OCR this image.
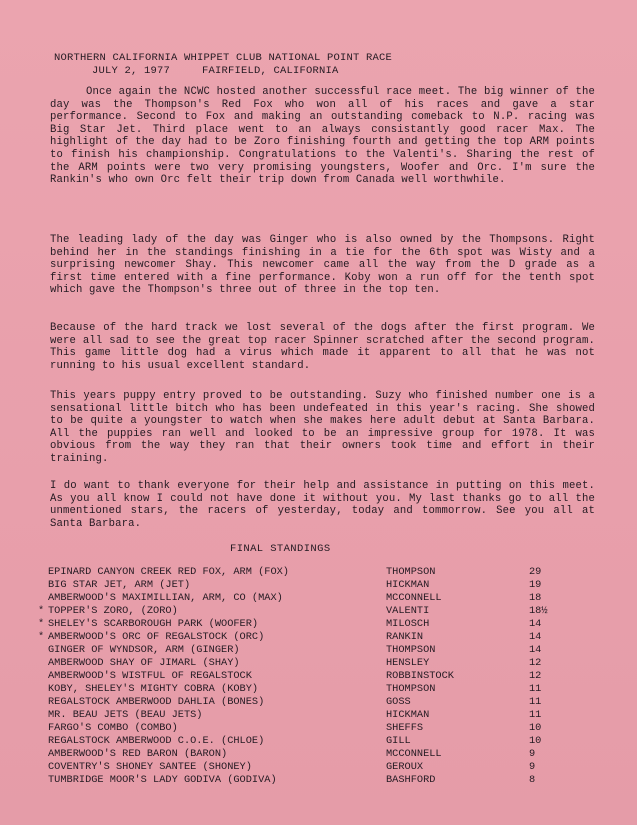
NORTHERN CALIFORNIA WHIPPET CLUB NATIONAL POINT RACE
JULY 2, 1977	FAIRFIELD, CALIFORNIA

Once again the NCWC hosted another successful race meet. The big winner of the day was the Thompson's Red Fox who won all of his races and gave a star performance. Second to Fox and making an outstanding comeback to N.P. racing was Big Star Jet. Third place went to an always consistantly good racer Max. The highlight of the day had to be Zoro finishing fourth and getting the top ARM points to finish his championship. Congratulations to the Valenti's. Sharing the rest of the ARM points were two very promising youngsters, Woofer and Orc. I'm sure the Rankin's who own Orc felt their trip down from Canada well worthwhile.

The leading lady of the day was Ginger who is also owned by the Thompsons. Right behind her in the standings finishing in a tie for the 6th spot was Wisty and a surprising newcomer Shay. This newcomer came all the way from the D grade as a first time entered with a fine performance. Koby won a run off for the tenth spot which gave the Thompson's three out of three in the top ten.

Because of the hard track we lost several of the dogs after the first program. We were all sad to see the great top racer Spinner scratched after the second program. This game little dog had a virus which made it apparent to all that he was not running to his usual excellent standard.

This years puppy entry proved to be outstanding. Suzy who finished number one is a sensational little bitch who has been undefeated in this year's racing. She showed to be quite a youngster to watch when she makes here adult debut at Santa Barbara. All the puppies ran well and looked to be an impressive group for 1978. It was obvious from the way they ran that their owners took time and effort in their training.

I do want to thank everyone for their help and assistance in putting on this meet. As you all know I could not have done it without you. My last thanks go to all the unmentioned stars, the racers of yesterday, today and tommorrow. See you all at Santa Barbara.

FINAL STANDINGS
EPINARD CANYON CREEK RED FOX, ARM (FOX)	THOMPSON	29
BIG STAR JET, ARM (JET)	HICKMAN	19
AMBERWOOD'S MAXIMILLIAN, ARM, CO (MAX)	MCCONNELL	18
* TOPPER'S ZORO, (ZORO)	VALENTI	18½
* SHELEY'S SCARBOROUGH PARK (WOOFER)	MILOSCH	14
* AMBERWOOD'S ORC OF REGALSTOCK (ORC)	RANKIN	14
GINGER OF WYNDSOR, ARM (GINGER)	THOMPSON	14
AMBERWOOD SHAY OF JIMARL (SHAY)	HENSLEY	12
AMBERWOOD'S WISTFUL OF REGALSTOCK	ROBBINSTOCK	12
KOBY, SHELEY'S MIGHTY COBRA (KOBY)	THOMPSON	11
REGALSTOCK AMBERWOOD DAHLIA (BONES)	GOSS	11
MR. BEAU JETS (BEAU JETS)	HICKMAN	11
FARGO'S COMBO (COMBO)	SHEFFS	10
REGALSTOCK AMBERWOOD C.O.E. (CHLOE)	GILL	10
AMBERWOOD'S RED BARON (BARON)	MCCONNELL	9
COVENTRY'S SHONEY SANTEE (SHONEY)	GEROUX	9
TUMBRIDGE MOOR'S LADY GODIVA (GODIVA)	BASHFORD	8
